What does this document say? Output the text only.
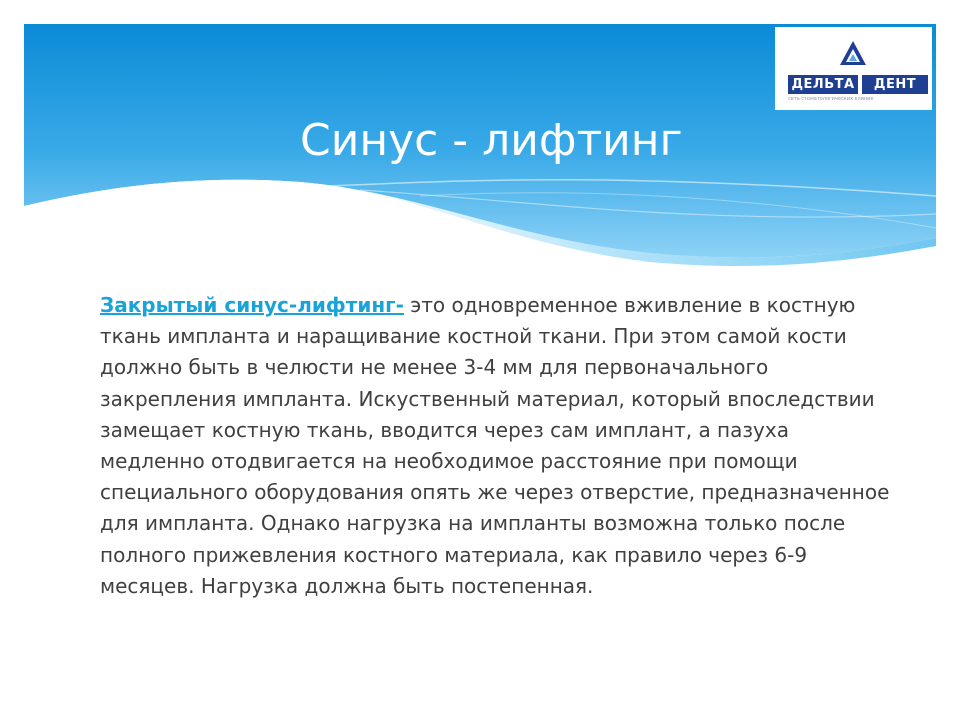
ДЕЛЬТА	ДЕНТ
сеть стоматологических клиник
Синус - лифтинг

Закрытый синус-лифтинг- это одновременное вживление в костную ткань импланта и наращивание костной ткани. При этом самой кости должно быть в челюсти не менее 3-4 мм для первоначального закрепления импланта. Искуственный материал, который впоследствии замещает костную ткань, вводится через сам имплант, а пазуха медленно отодвигается на необходимое расстояние при помощи специального оборудования опять же через отверстие, предназначенное для импланта. Однако нагрузка на импланты возможна только после полного прижевления костного материала, как правило через 6-9 месяцев. Нагрузка должна быть постепенная.
